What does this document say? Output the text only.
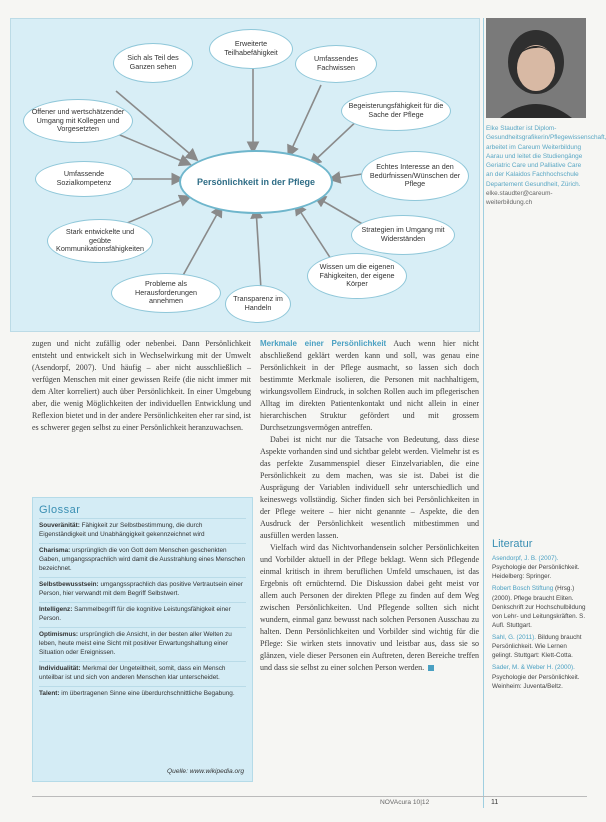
Persönlichkeit in der Pflege
Sich als Teil des Ganzen sehen
Erweiterte Teilhabefähigkeit
Umfassendes Fachwissen
Begeisterungsfähigkeit für die Sache der Pflege
Echtes Interesse an den Bedürfnissen/Wünschen der Pflege
Strategien im Umgang mit Widerständen
Wissen um die eigenen Fähigkeiten, der eigene Körper
Transparenz im Handeln
Probleme als Herausforderungen annehmen
Stark entwickelte und geübte Kommunikationsfähigkeiten
Umfassende Sozialkompetenz
Offener und wertschätzender Umgang mit Kollegen und Vorgesetzten	Elke Staudter ist Diplom-Gesundheitsgrafikerin/Pflegewissenschaft, arbeitet im Careum Weiterbildung Aarau und leitet die Studiengänge Geriatric Care und Palliative Care an der Kalaidos Fachhochschule Departement Gesundheit, Zürich.
elke.staudter@careum-weiterbildung.ch
zugen und nicht zufällig oder nebenbei. Dann Persönlichkeit entsteht und entwickelt sich in Wechselwirkung mit der Umwelt (Asendorpf, 2007). Und häufig – aber nicht ausschließlich – verfügen Menschen mit einer gewissen Reife (die nicht immer mit dem Alter korreliert) auch über Persönlichkeit. In einer Umgebung aber, die wenig Möglichkeiten der individuellen Entwicklung und Reflexion bietet und in der andere Persönlichkeiten eher rar sind, ist es schwerer gegen selbst zu einer Persönlichkeit heranzuwachsen.
Glossar
Souveränität: Fähigkeit zur Selbstbestimmung, die durch Eigenständigkeit und Unabhängigkeit gekennzeichnet wird
Charisma: ursprünglich die von Gott dem Menschen geschenkten Gaben, umgangssprachlich wird damit die Ausstrahlung eines Menschen bezeichnet.
Selbstbewusstsein: umgangssprachlich das positive Vertrautsein einer Person, hier verwandt mit dem Begriff Selbstwert.
Intelligenz: Sammelbegriff für die kognitive Leistungsfähigkeit einer Person.
Optimismus: ursprünglich die Ansicht, in der besten aller Welten zu leben, heute meist eine Sicht mit positiver Erwartungshaltung einer Situation oder Ereignissen.
Individualität: Merkmal der Ungeteiltheit, somit, dass ein Mensch unteilbar ist und sich von anderen Menschen klar unterscheidet.
Talent: im übertragenen Sinne eine überdurchschnittliche Begabung.
Quelle: www.wikipedia.org
Merkmale einer Persönlichkeit Auch wenn hier nicht abschließend geklärt werden kann und soll, was genau eine Persönlichkeit in der Pflege ausmacht, so lassen sich doch bestimmte Merkmale isolieren, die Personen mit nachhaltigem, wirkungsvollem Eindruck, in solchen Rollen auch im pflegerischen Alltag im direkten Patientenkontakt und nicht allein in einer hierarchischen Struktur gefördert und mit grossem Durchsetzungsvermögen antreffen.
Dabei ist nicht nur die Tatsache von Bedeutung, dass diese Aspekte vorhanden sind und sichtbar gelebt werden. Vielmehr ist es das perfekte Zusammenspiel dieser Einzelvariablen, die eine Persönlichkeit zu dem machen, was sie ist. Dabei ist die Ausprägung der Variablen individuell sehr unterschiedlich und keineswegs vollständig. Sicher finden sich bei Persönlichkeiten in der Pflege weitere – hier nicht genannte – Aspekte, die den Ausdruck der Persönlichkeit wesentlich mitbestimmen und ausfüllen werden lassen.
Vielfach wird das Nichtvorhandensein solcher Persönlichkeiten und Vorbilder aktuell in der Pflege beklagt. Wenn sich Pflegende einmal kritisch in ihrem beruflichen Umfeld umschauen, ist das Ergebnis oft ernüchternd. Die Diskussion dabei geht meist vor allem auch Personen der direkten Pflege zu finden auf dem Weg zwischen Persönlichkeiten. Und Pflegende sollten sich nicht wundern, einmal ganz bewusst nach solchen Personen Ausschau zu halten. Denn Persönlichkeiten und Vorbilder sind wichtig für die Pflege: Sie wirken stets innovativ und leistbar aus, dass sie so glänzen, viele dieser Personen ein Auftreten, deren Bereiche treffen und dass sie selbst zu einer solchen Person werden.
Literatur
Asendorpf, J. B. (2007). Psychologie der Persönlichkeit. Heidelberg: Springer.
Robert Bosch Stiftung (Hrsg.) (2000). Pflege braucht Eliten. Denkschrift zur Hochschulbildung von Lehr- und Leitungskräften. S. Aufl. Stuttgart.
Sahl, G. (2011). Bildung braucht Persönlichkeit. Wie Lernen gelingt. Stuttgart: Klett-Cotta.
Sader, M. & Weber H. (2000). Psychologie der Persönlichkeit. Weinheim: Juventa/Beltz.
NOVAcura 10|12	11
